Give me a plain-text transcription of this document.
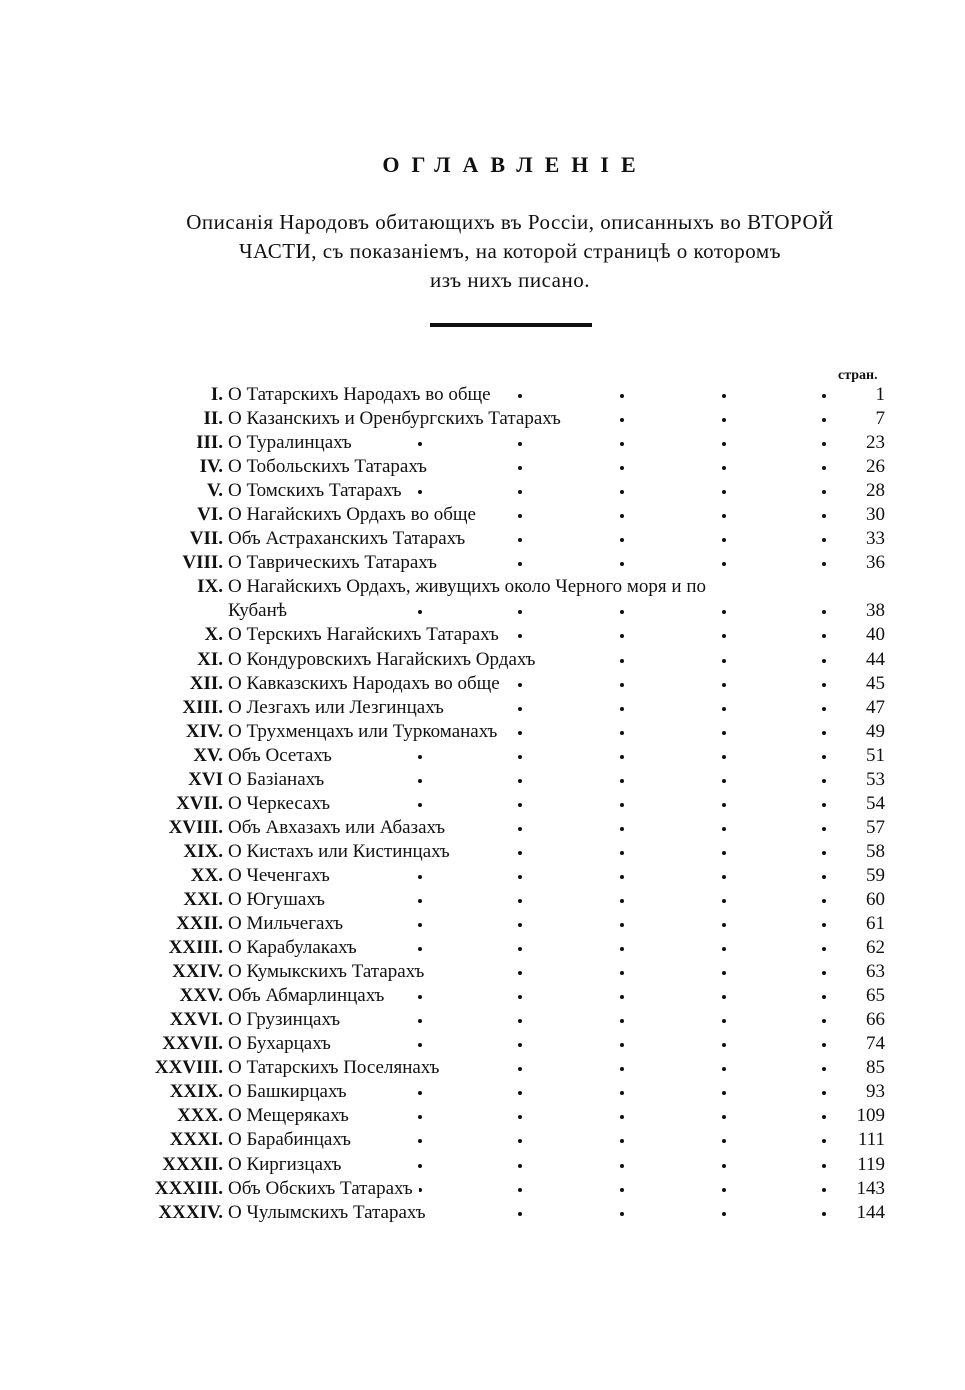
ОГЛАВЛЕНІЕ
Описанія Народовъ обитающихъ въ Россіи, описанныхъ во ВТОРОЙ
ЧАСТИ, съ показаніемъ, на которой страницѣ о которомъ
изъ нихъ писано.
стран.
I. О Татарскихъ Народахъ во обще	1
II. О Казанскихъ и Оренбургскихъ Татарахъ	7
III. О Туралинцахъ	23
IV. О Тобольскихъ Татарахъ	26
V. О Томскихъ Татарахъ	28
VI. О Нагайскихъ Ордахъ во обще	30
VII. Объ Астраханскихъ Татарахъ	33
VIII. О Таврическихъ Татарахъ	36
IX. О Нагайскихъ Ордахъ, живущихъ около Черного моря и по
Кубанѣ	38
X. О Терскихъ Нагайскихъ Татарахъ	40
XI. О Кондуровскихъ Нагайскихъ Ордахъ	44
XII. О Кавказскихъ Народахъ во обще	45
XIII. О Лезгахъ или Лезгинцахъ	47
XIV. О Трухменцахъ или Туркоманахъ	49
XV. Объ Осетахъ	51
XVI О Базіанахъ	53
XVII. О Черкесахъ	54
XVIII. Объ Авхазахъ или Абазахъ	57
XIX. О Кистахъ или Кистинцахъ	58
XX. О Чеченгахъ	59
XXI. О Югушахъ	60
XXII. О Мильчегахъ	61
XXIII. О Карабулакахъ	62
XXIV. О Кумыкскихъ Татарахъ	63
XXV. Объ Абмарлинцахъ	65
XXVI. О Грузинцахъ	66
XXVII. О Бухарцахъ	74
XXVIII. О Татарскихъ Поселянахъ	85
XXIX. О Башкирцахъ	93
XXX. О Мещерякахъ	109
XXXI. О Барабинцахъ	111
XXXII. О Киргизцахъ	119
XXXIII. Объ Обскихъ Татарахъ	143
XXXIV. О Чулымскихъ Татарахъ	144
